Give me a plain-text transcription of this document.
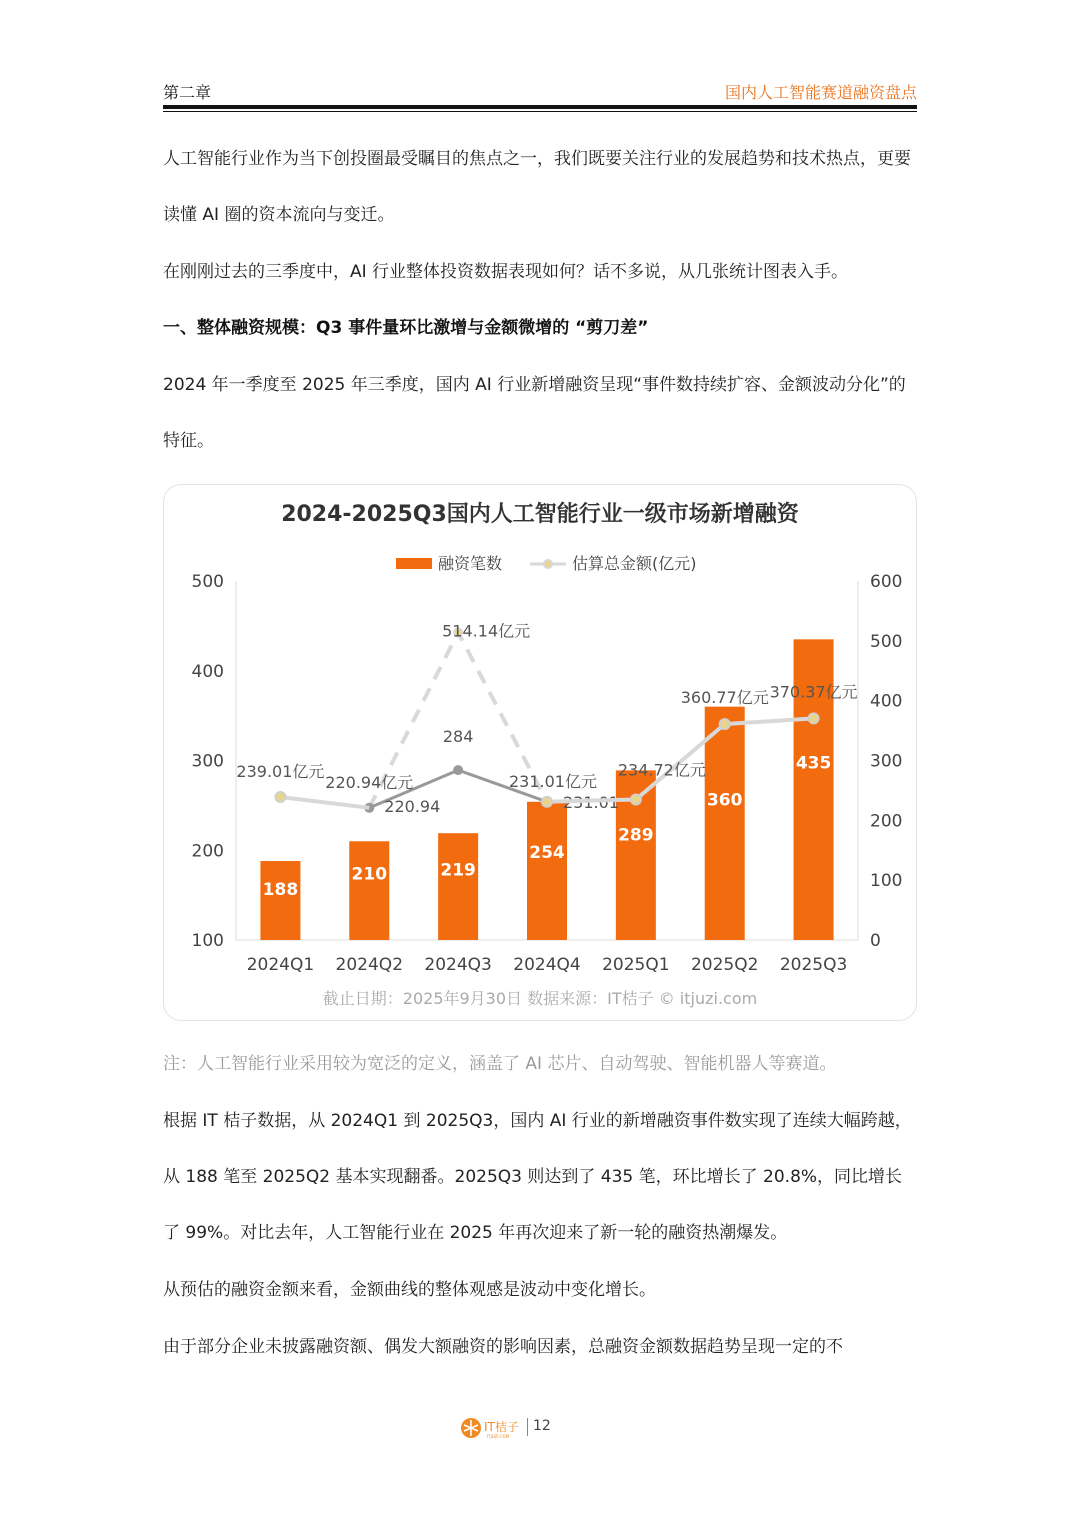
第二章	国内人工智能赛道融资盘点

人工智能行业作为当下创投圈最受瞩目的焦点之一，我们既要关注行业的发展趋势和技术热点，更要读懂 AI 圈的资本流向与变迁。

在刚刚过去的三季度中，AI 行业整体投资数据表现如何？话不多说，从几张统计图表入手。

一、整体融资规模：Q3 事件量环比激增与金额微增的 “剪刀差”

2024 年一季度至 2025 年三季度，国内 AI 行业新增融资呈现“事件数持续扩容、金额波动分化”的特征。

2024-2025Q3国内人工智能行业一级市场新增融资
融资笔数	估算总金额(亿元)
100
200
300
400
500
0
100
200
300
400
500
600
2024Q1 2024Q2 2024Q3 2024Q4 2025Q1 2025Q2 2025Q3
514.14亿元
188
210	219
254
289
360
435
220.94
284
231.01
239.01亿元
220.94亿元	231.01亿元
234.72亿元
360.77亿元 370.37亿元
截止日期：2025年9月30日 数据来源：IT桔子 © itjuzi.com

注：人工智能行业采用较为宽泛的定义，涵盖了 AI 芯片、自动驾驶、智能机器人等赛道。

根据 IT 桔子数据，从 2024Q1 到 2025Q3，国内 AI 行业的新增融资事件数实现了连续大幅跨越，从 188 笔至 2025Q2 基本实现翻番。2025Q3 则达到了 435 笔，环比增长了 20.8%，同比增长了 99%。对比去年，人工智能行业在 2025 年再次迎来了新一轮的融资热潮爆发。

从预估的融资金额来看，金额曲线的整体观感是波动中变化增长。

由于部分企业未披露融资额、偶发大额融资的影响因素，总融资金额数据趋势呈现一定的不

IT桔子
ITJUZI.COM
12
